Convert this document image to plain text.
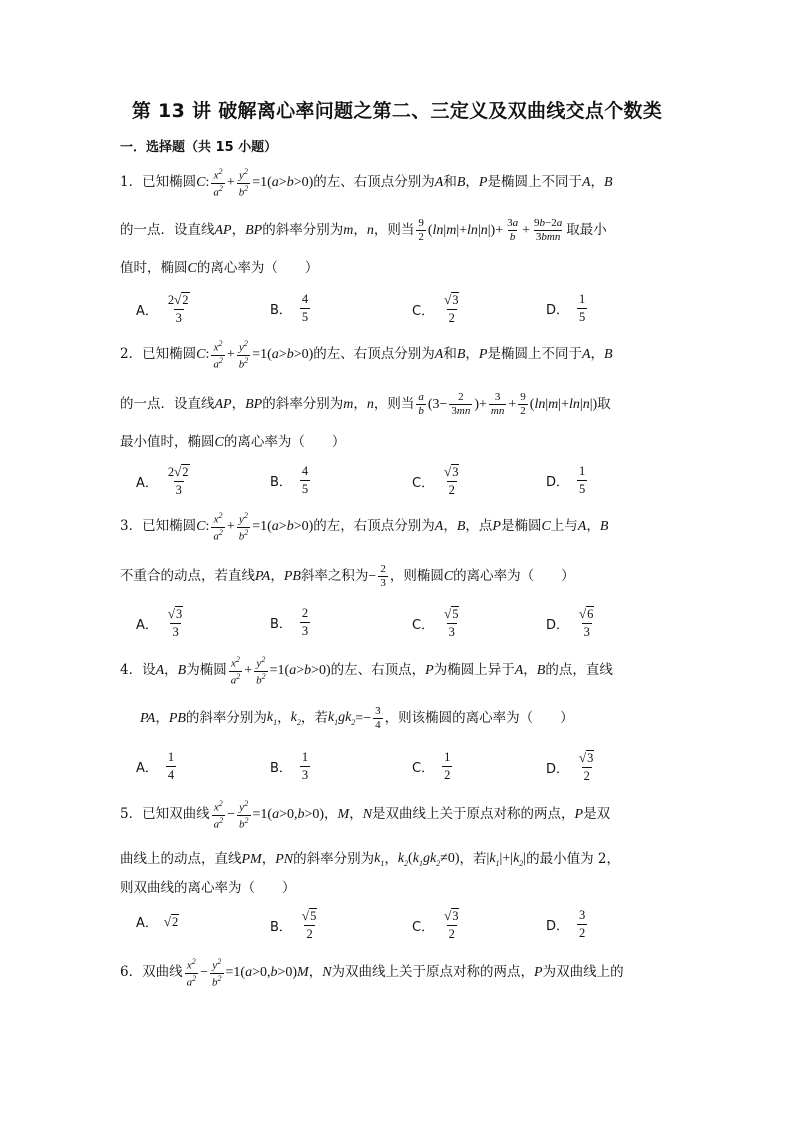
第 13 讲 破解离心率问题之第二、三定义及双曲线交点个数类
一．选择题（共 15 小题）
1．已知椭圆 C : $\frac{x^2}{a^2} + \frac{y^2}{b^2} =1(a>b>0)$ 的左、右顶点分别为 A 和 B ， P 是椭圆上不同于 A ， B
的一点．设直线 AP ， BP 的斜率分别为 m ， n ，则当 $\frac{9}{2} (\ln|m|+\ln|n|)+ \frac{3a}{b} + \frac{9b-2a}{\text{3bmn}}$ 取最小
值时，椭圆 C 的离心率为（　　）
A． $\frac{2 √ 2}{3}$	B． $\frac{4}{5}$	C． $\frac{√ 3}{2}$	D． $\frac{1}{5}$
2．已知椭圆 C : $\frac{x^2}{a^2} + \frac{y^2}{b^2} =1(a>b>0)$ 的左、右顶点分别为 A 和 B ， P 是椭圆上不同于 A ， B
的一点．设直线 AP ， BP 的斜率分别为 m ， n ，则当 $\frac{a}{b} (3- \frac{2}{3mn}$ )+ $\frac{3}{mn} + \frac{9}{2} (\ln|m|+\ln|n|)$ 取
最小值时，椭圆 C 的离心率为（　　）
A． $\frac{2 √ 2}{3}$	B． $\frac{4}{5}$	C． $\frac{√ 3}{2}$	D． $\frac{1}{5}$
3．已知椭圆 C : $\frac{x^2}{a^2} + \frac{y^2}{b^2} =1(a>b>0)$ 的左，右顶点分别为 A ， B ，点 P 是椭圆 C 上与 A ， B
不重合的动点，若直线 PA ， PB 斜率之积为 − $\frac{2}{3}$ ，则椭圆 C 的离心率为（　　）
A． $\frac{√ 3}{3}$	B． $\frac{2}{3}$	C． $\frac{√ 5}{3}$	D． $\frac{√ 6}{3}$
4．设 A ， B 为椭圆 $\frac{x^2}{a^2} + \frac{y^2}{b^2} =1(a>b>0)$ 的左、右顶点， P 为椭圆上异于 A ， B 的点，直线
PA ， PB 的斜率分别为 $k_1$ ， $k_2$ ，若 $k_1gk_2 =- \frac{3}{4}$ ，则该椭圆的离心率为（　　）
A． $\frac{1}{4}$	B． $\frac{1}{3}$	C． $\frac{1}{2}$	D． $\frac{√ 3}{2}$
5．已知双曲线 $\frac{x^2}{a^2} - \frac{y^2}{b^2} =1(a>0,b>0)$ ， M ， N 是双曲线上关于原点对称的两点， P 是双
曲线上的动点，直线 PM ， PN 的斜率分别为 $k_1$ ， $k_2$ $(k_1gk_2\ne 0)$ ，若 $|k_1|+|k_2|$ 的最小值为 2，
则双曲线的离心率为（　　）
A． √ 2	B． $\frac{√ 5}{2}$	C． $\frac{√ 3}{2}$	D． $\frac{3}{2}$
6．双曲线 $\frac{x^2}{a^2} - \frac{y^2}{b^2} =1(a>0,b>0)M$ ， N 为双曲线上关于原点对称的两点， P 为双曲线上的
